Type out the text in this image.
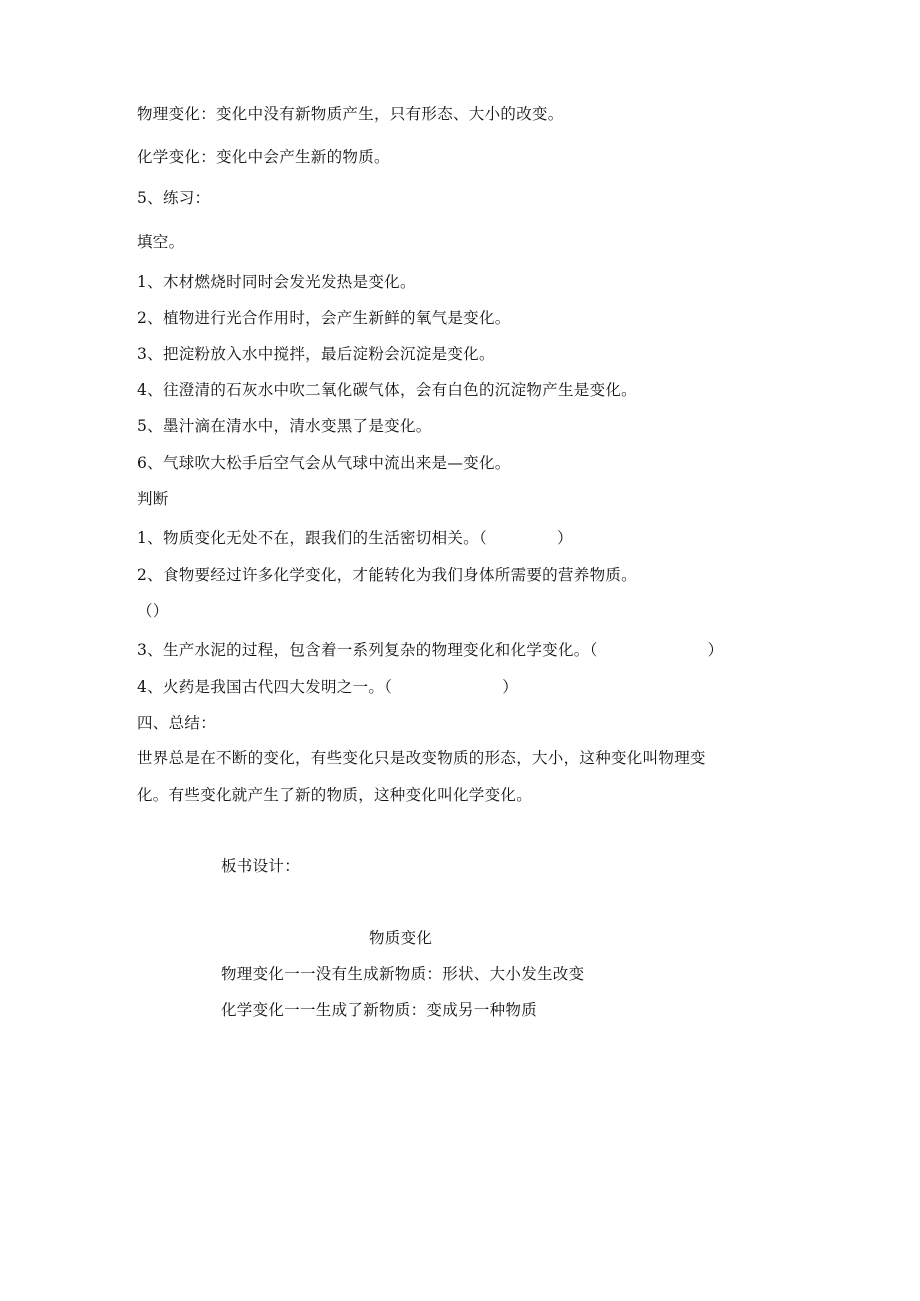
物理变化：变化中没有新物质产生，只有形态、大小的改变。
化学变化：变化中会产生新的物质。
5、练习：
填空。
1、木材燃烧时同时会发光发热是变化。
2、植物进行光合作用时，会产生新鲜的氧气是变化。
3、把淀粉放入水中搅拌，最后淀粉会沉淀是变化。
4、往澄清的石灰水中吹二氧化碳气体，会有白色的沉淀物产生是变化。
5、墨汁滴在清水中，清水变黑了是变化。
6、气球吹大松手后空气会从气球中流出来是—变化。
判断
1、物质变化无处不在，跟我们的生活密切相关。（	）
2、食物要经过许多化学变化，才能转化为我们身体所需要的营养物质。
（）
3、生产水泥的过程，包含着一系列复杂的物理变化和化学变化。（	）
4、火药是我国古代四大发明之一。（	）
四、总结：
世界总是在不断的变化，有些变化只是改变物质的形态，大小，这种变化叫物理变
化。有些变化就产生了新的物质，这种变化叫化学变化。
板书设计：
物质变化
物理变化一一没有生成新物质：形状、大小发生改变
化学变化一一生成了新物质：变成另一种物质
